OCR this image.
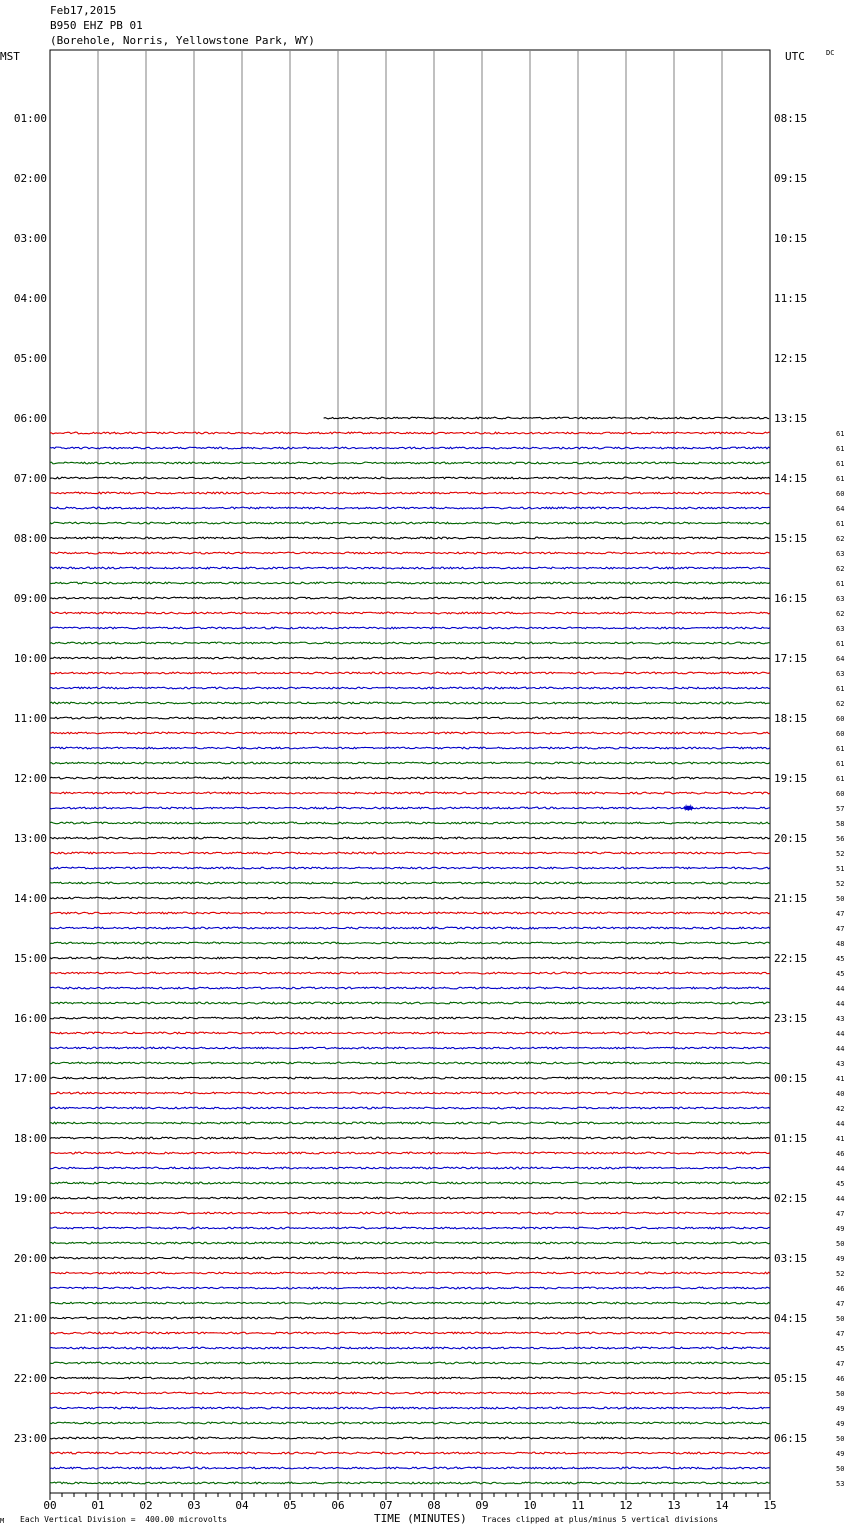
Feb17,2015
B950 EHZ PB 01
(Borehole, Norris, Yellowstone Park, WY)
MST	UTC	DC
01:00
02:00
03:00
04:00
05:00
06:00
07:00
08:00
09:00
10:00
11:00
12:00
13:00
14:00
15:00
16:00
17:00
18:00
19:00
20:00
21:00
22:00
23:00
08:15
09:15
10:15
11:15
12:15
13:15
14:15
15:15
16:15
17:15
18:15
19:15
20:15
21:15
22:15
23:15
00:15
01:15
02:15
03:15
04:15
05:15
06:15
61
61
61
61
60
64
61
62
63
62
61
63
62
63
61
64
63
61
62
60
60
61
61
61
60
57
58
56
52
51
52
50
47
47
48
45
45
44
44
43
44
44
43
41
40
42
44
41
46
44
45
44
47
49
50
49
52
46
47
50
47
45
47
46
50
49
49
50
49
50
53
00	01	02	03	04	05	06	07	08	09	10	11	12	13	14	15
M Each Vertical Division =  400.00 microvolts	TIME (MINUTES) Traces clipped at plus/minus 5 vertical divisions
